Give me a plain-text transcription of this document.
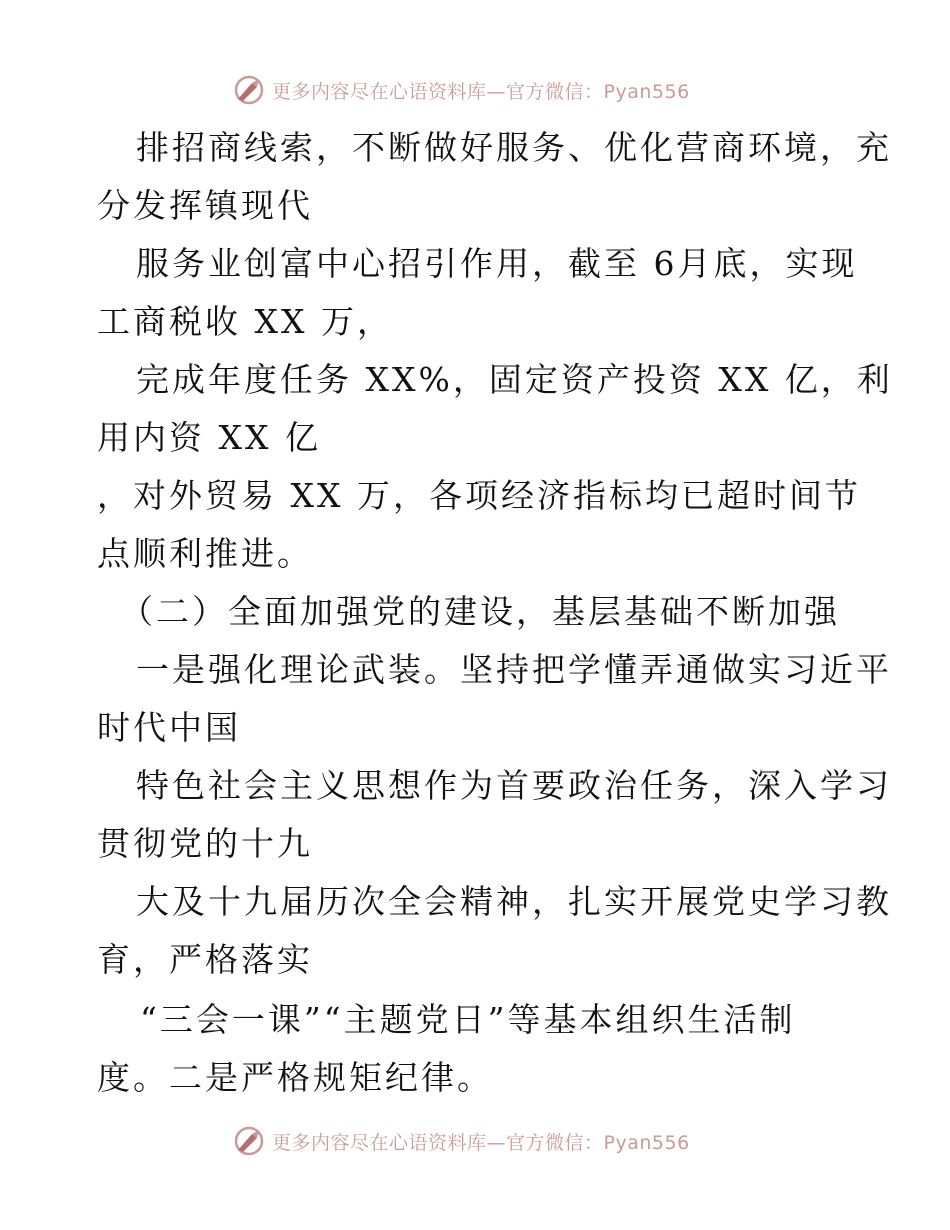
更多内容尽在心语资料库—官方微信：Pyan556
排招商线索，不断做好服务、优化营商环境，充
分发挥镇现代
服务业创富中心招引作用，截至 6月底，实现
工商税收 XX 万，
完成年度任务 XX%，固定资产投资 XX 亿，利
用内资 XX 亿
，对外贸易 XX 万，各项经济指标均已超时间节
点顺利推进。
（二）全面加强党的建设，基层基础不断加强
一是强化理论武装。坚持把学懂弄通做实习近平
时代中国
特色社会主义思想作为首要政治任务，深入学习
贯彻党的十九
大及十九届历次全会精神，扎实开展党史学习教
育，严格落实
“三会一课”“主题党日”等基本组织生活制
度。二是严格规矩纪律。
更多内容尽在心语资料库—官方微信：Pyan556
